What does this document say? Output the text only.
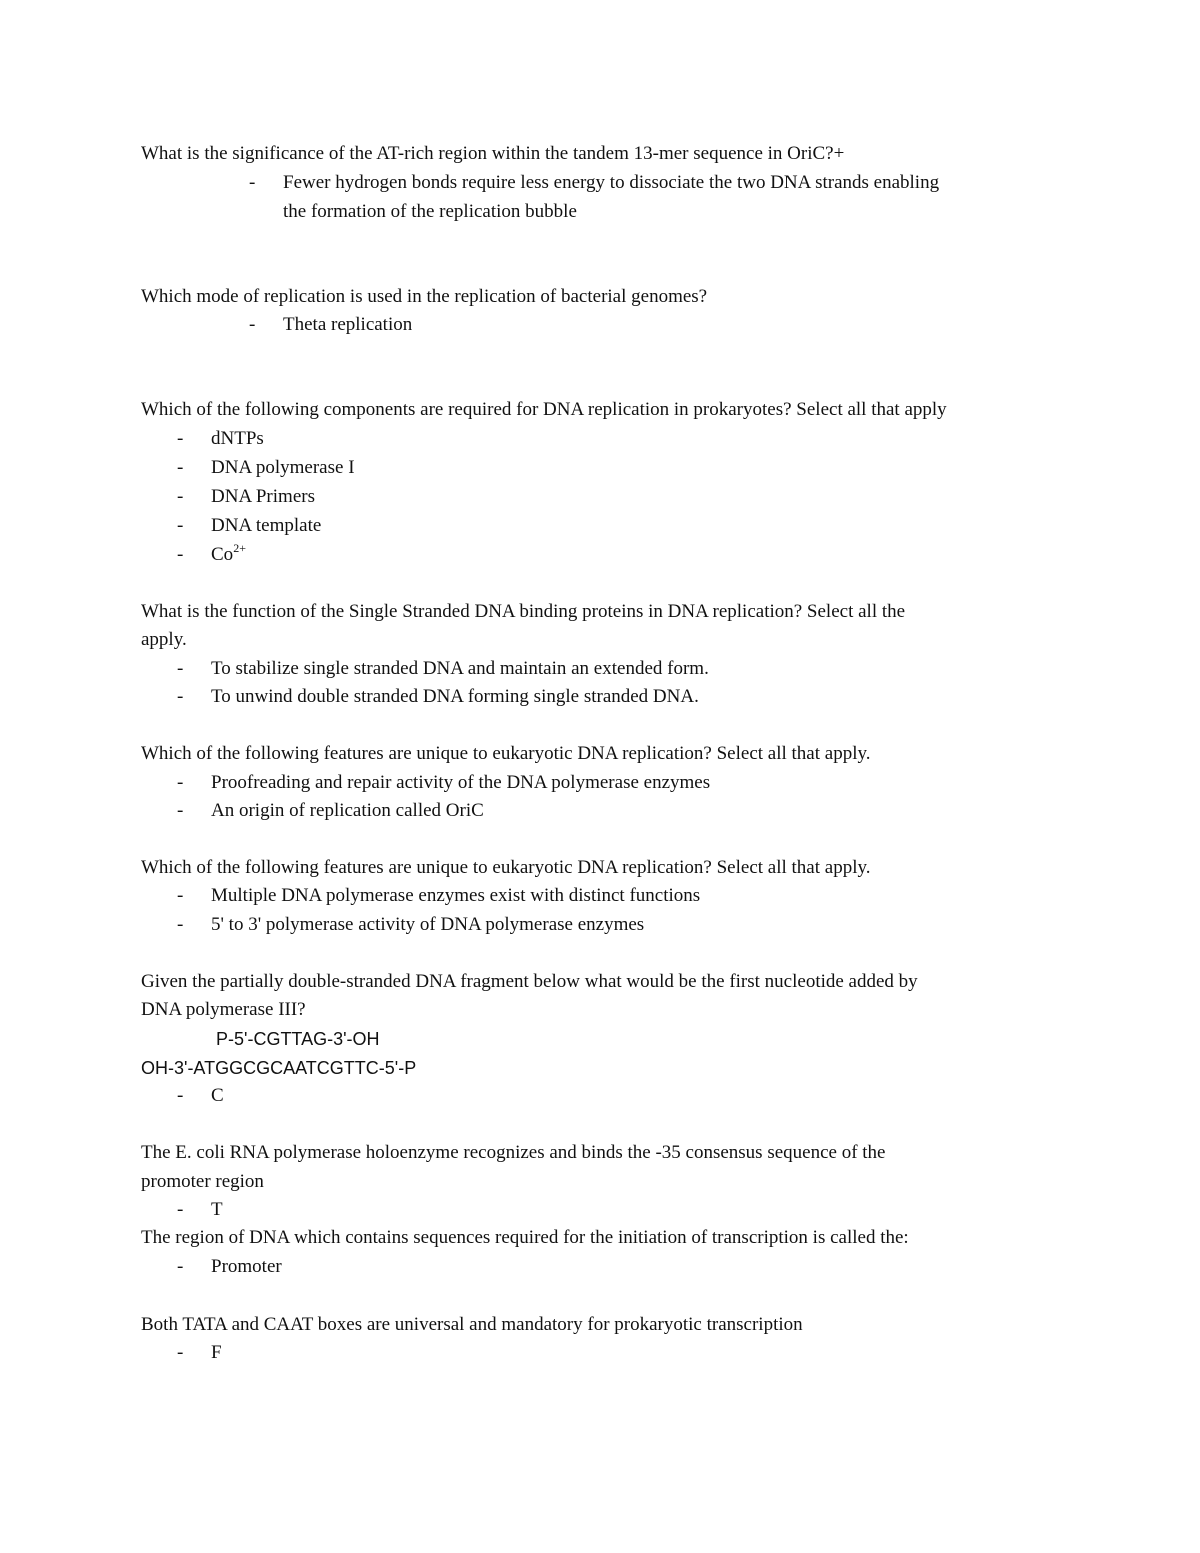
What is the significance of the AT-rich region within the tandem 13-mer sequence in OriC?+
- Fewer hydrogen bonds require less energy to dissociate the two DNA strands enabling
the formation of the replication bubble
Which mode of replication is used in the replication of bacterial genomes?
- Theta replication
Which of the following components are required for DNA replication in prokaryotes? Select all that apply
- dNTPs
- DNA polymerase I
- DNA Primers
- DNA template
- $Co^{2+}$
What is the function of the Single Stranded DNA binding proteins in DNA replication? Select all the
apply.
- To stabilize single stranded DNA and maintain an extended form.
- To unwind double stranded DNA forming single stranded DNA.
Which of the following features are unique to eukaryotic DNA replication? Select all that apply.
- Proofreading and repair activity of the DNA polymerase enzymes
- An origin of replication called OriC
Which of the following features are unique to eukaryotic DNA replication? Select all that apply.
- Multiple DNA polymerase enzymes exist with distinct functions
- 5' to 3' polymerase activity of DNA polymerase enzymes
Given the partially double-stranded DNA fragment below what would be the first nucleotide added by
DNA polymerase III?
P-5'-CGTTAG-3'-OH
OH-3'-ATGGCGCAATCGTTC-5'-P
- C
The E. coli RNA polymerase holoenzyme recognizes and binds the -35 consensus sequence of the
promoter region
- T
The region of DNA which contains sequences required for the initiation of transcription is called the:
- Promoter
Both TATA and CAAT boxes are universal and mandatory for prokaryotic transcription
- F
